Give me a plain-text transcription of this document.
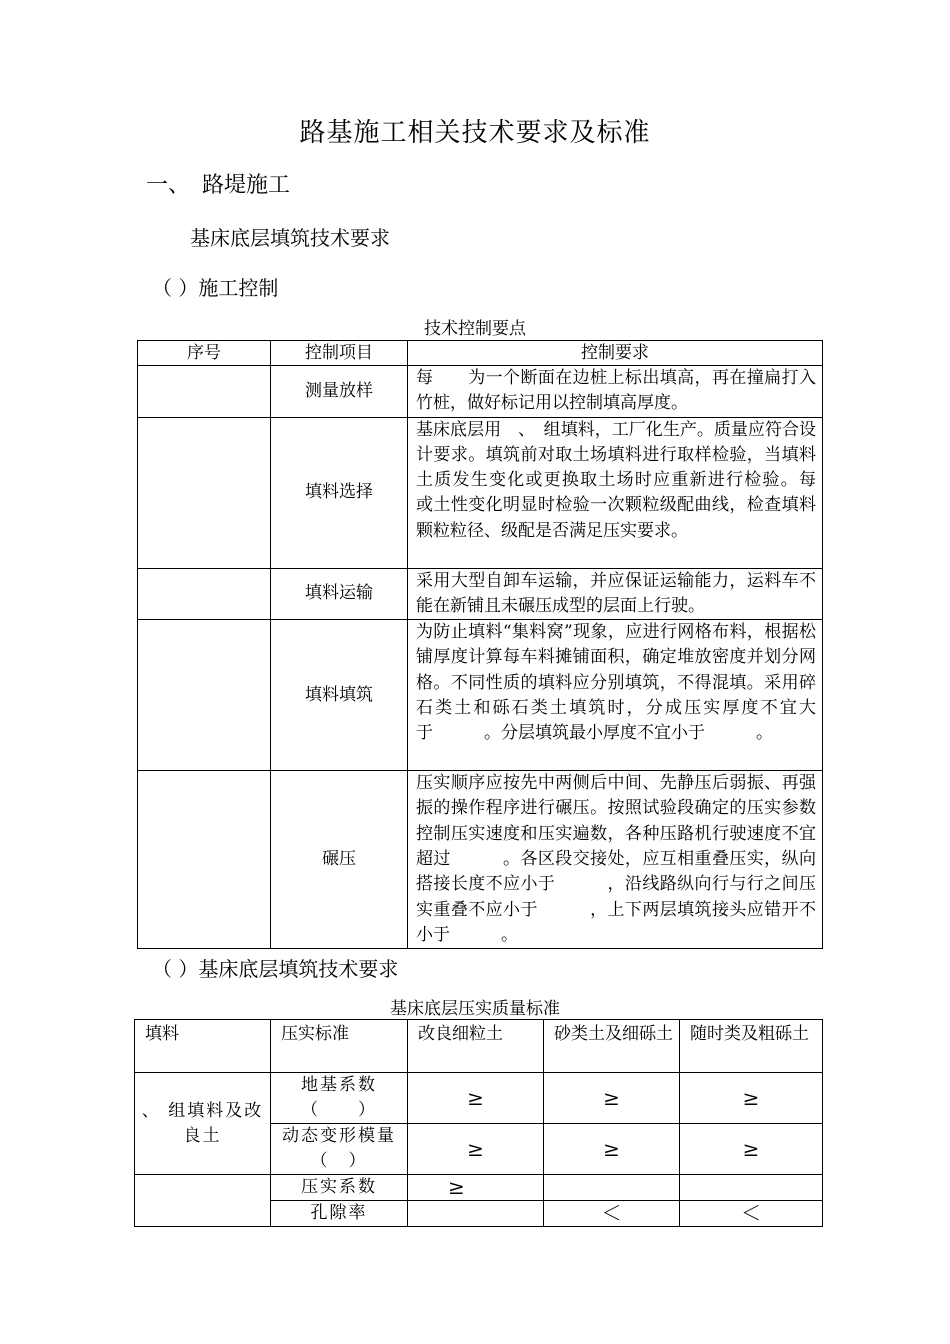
路基施工相关技术要求及标准
一、 路堤施工
基床底层填筑技术要求
（ ）施工控制
技术控制要点
序号	控制项目	控制要求
	测量放样	每　　为一个断面在边桩上标出填高，再在撞扁打入竹桩，做好标记用以控制填高厚度。
	填料选择	基床底层用　、　组填料，工厂化生产。质量应符合设计要求。填筑前对取土场填料进行取样检验，当填料土质发生变化或更换取土场时应重新进行检验。每　　　　或土性变化明显时检验一次颗粒级配曲线，检查填料颗粒粒径、级配是否满足压实要求。
	填料运输	采用大型自卸车运输，并应保证运输能力，运料车不能在新铺且未碾压成型的层面上行驶。
	填料填筑	为防止填料“集料窝”现象，应进行网格布料，根据松铺厚度计算每车料摊铺面积，确定堆放密度并划分网格。不同性质的填料应分别填筑，不得混填。采用碎石类土和砾石类土填筑时，分成压实厚度不宜大于　　　。分层填筑最小厚度不宜小于　　　。
	碾压	压实顺序应按先中两侧后中间、先静压后弱振、再强振的操作程序进行碾压。按照试验段确定的压实参数控制压实速度和压实遍数，各种压路机行驶速度不宜超过　　　。各区段交接处，应互相重叠压实，纵向搭接长度不应小于　　　，沿线路纵向行与行之间压实重叠不应小于　　　，上下两层填筑接头应错开不小于　　　。
（ ）基床底层填筑技术要求
基床底层压实质量标准
填料	压实标准	改良细粒土	砂类土及细砾土	随时类及粗砾土
、 组填料及改良土	地基系数（　　）	≥	≥	≥
	动态变形模量（　）	≥	≥	≥
	压实系数	≥		
	孔隙率		＜	＜
